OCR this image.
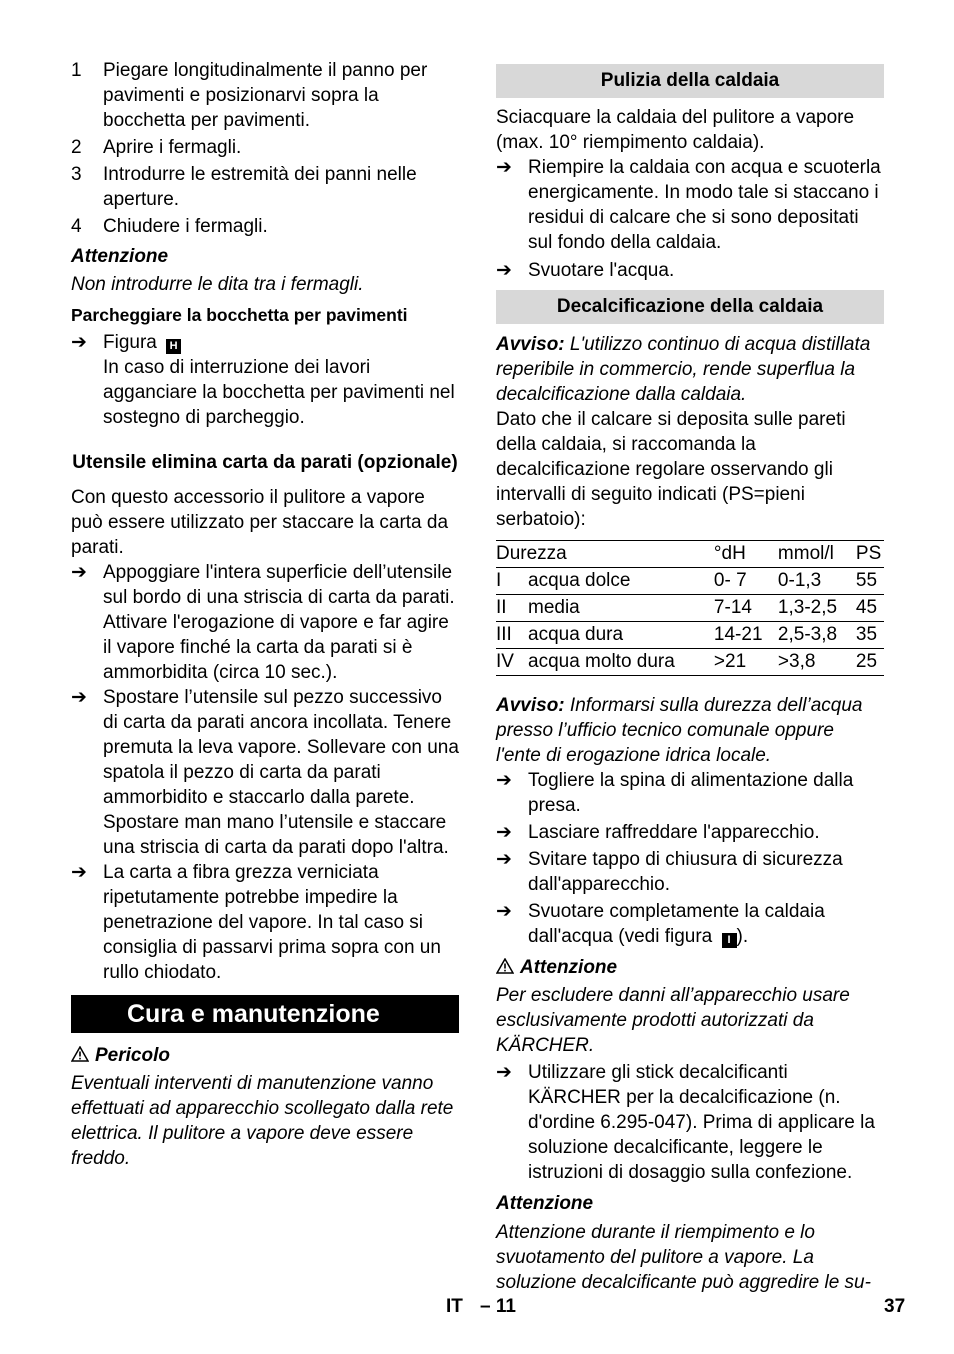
1 Piegare longitudinalmente il panno per pavimenti e posizionarvi sopra la bocchetta per pavimenti.
2 Aprire i fermagli.
3 Introdurre le estremità dei panni nelle aperture.
4 Chiudere i fermagli.

Attenzione

Non introdurre le dita tra i fermagli.

Parcheggiare la bocchetta per pavimenti

➔ Figura H

In caso di interruzione dei lavori agganciare la bocchetta per pavimenti nel sostegno di parcheggio.

Utensile elimina carta da parati (opzionale)

Con questo accessorio il pulitore a vapore può essere utilizzato per staccare la carta da parati.

➔ Appoggiare l'intera superficie dell’utensile sul bordo di una striscia di carta da parati. Attivare l'erogazione di vapore e far agire il vapore finché la carta da parati si è ammorbidita (circa 10 sec.).
➔ Spostare l’utensile sul pezzo successivo di carta da parati ancora incollata. Tenere premuta la leva vapore. Sollevare con una spatola il pezzo di carta da parati ammorbidito e staccarlo dalla parete. Spostare man mano l’utensile e staccare una striscia di carta da parati dopo l'altra.
➔ La carta a fibra grezza verniciata ripetutamente potrebbe impedire la penetrazione del vapore. In tal caso si consiglia di passarvi prima sopra con un rullo chiodato.
Cura e manutenzione

Pericolo

Eventuali interventi di manutenzione vanno effettuati ad apparecchio scollegato dalla rete elettrica. Il pulitore a vapore deve essere freddo.

Pulizia della caldaia

Sciacquare la caldaia del pulitore a vapore (max. 10° riempimento caldaia).

➔ Riempire la caldaia con acqua e scuoterla energicamente. In modo tale si staccano i residui di calcare che si sono depositati sul fondo della caldaia.
➔ Svuotare l'acqua.
Decalcificazione della caldaia

Avviso: L'utilizzo continuo di acqua distillata reperibile in commercio, rende superflua la decalcificazione dalla caldaia.

Dato che il calcare si deposita sulle pareti della caldaia, si raccomanda la decalcificazione regolare osservando gli intervalli di seguito indicati (PS=pieni serbatoio):

Durezza		°dH	mmol/l	PS
I	acqua dolce	0- 7	0-1,3	55
II	media	7-14	1,3-2,5	45
III	acqua dura	14-21	2,5-3,8	35
IV	acqua molto dura	>21	>3,8	25

Avviso: Informarsi sulla durezza dell’acqua presso l’ufficio tecnico comunale oppure l'ente di erogazione idrica locale.

➔ Togliere la spina di alimentazione dalla presa.
➔ Lasciare raffreddare l'apparecchio.
➔ Svitare tappo di chiusura di sicurezza dall'apparecchio.
➔ Svuotare completamente la caldaia dall'acqua (vedi figura I ).

Attenzione

Per escludere danni all’apparecchio usare esclusivamente prodotti autorizzati da KÄRCHER.

➔ Utilizzare gli stick decalcificanti KÄRCHER per la decalcificazione (n. d'ordine 6.295-047). Prima di applicare la soluzione decalcificante, leggere le istruzioni di dosaggio sulla confezione.

Attenzione

Attenzione durante il riempimento e lo svuotamento del pulitore a vapore. La soluzione decalcificante può aggredire le su-

IT – 11	37
